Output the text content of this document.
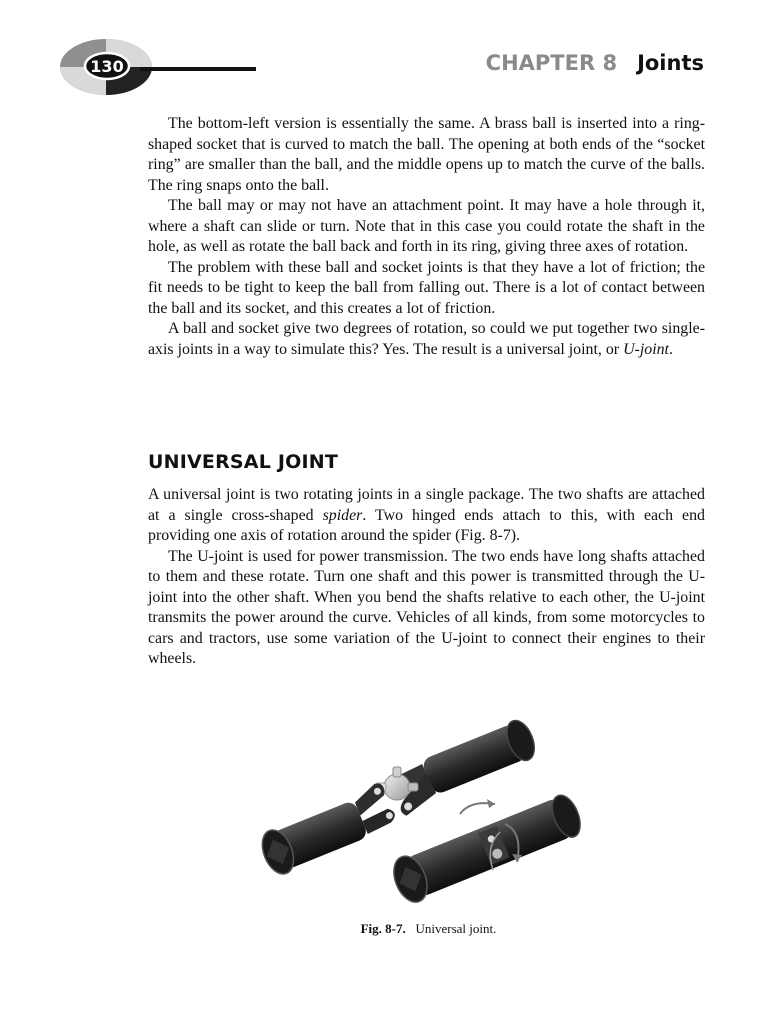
130	CHAPTER 8 Joints

The bottom-left version is essentially the same. A brass ball is inserted into a ring-shaped socket that is curved to match the ball. The opening at both ends of the “socket ring” are smaller than the ball, and the middle opens up to match the curve of the balls. The ring snaps onto the ball.

The ball may or may not have an attachment point. It may have a hole through it, where a shaft can slide or turn. Note that in this case you could rotate the shaft in the hole, as well as rotate the ball back and forth in its ring, giving three axes of rotation.

The problem with these ball and socket joints is that they have a lot of friction; the fit needs to be tight to keep the ball from falling out. There is a lot of contact between the ball and its socket, and this creates a lot of friction.

A ball and socket give two degrees of rotation, so could we put together two single-axis joints in a way to simulate this? Yes. The result is a universal joint, or U-joint.

UNIVERSAL JOINT

A universal joint is two rotating joints in a single package. The two shafts are attached at a single cross-shaped spider. Two hinged ends attach to this, with each end providing one axis of rotation around the spider (Fig. 8-7).

The U-joint is used for power transmission. The two ends have long shafts attached to them and these rotate. Turn one shaft and this power is transmitted through the U-joint into the other shaft. When you bend the shafts relative to each other, the U-joint transmits the power around the curve. Vehicles of all kinds, from some motorcycles to cars and tractors, use some variation of the U-joint to connect their engines to their wheels.

Fig. 8-7. Universal joint.
